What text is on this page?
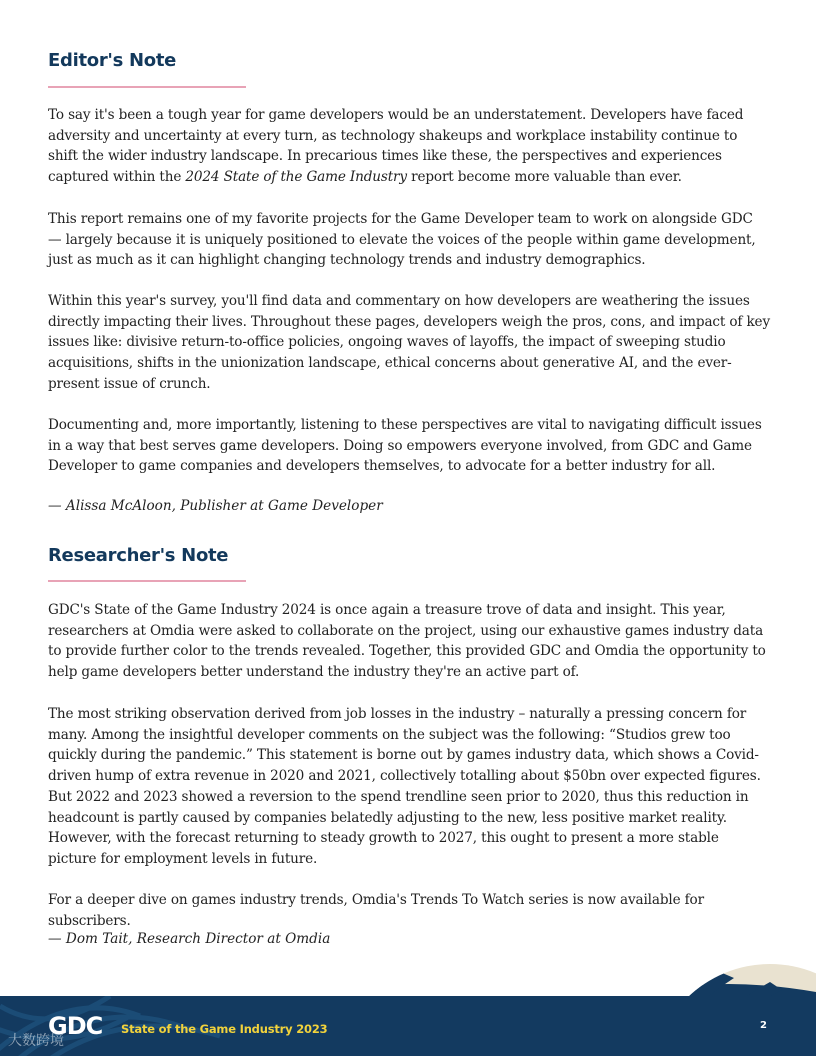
Editor's Note

To say it's been a tough year for game developers would be an understatement. Developers have faced adversity and uncertainty at every turn, as technology shakeups and workplace instability continue to shift the wider industry landscape. In precarious times like these, the perspectives and experiences captured within the 2024 State of the Game Industry report become more valuable than ever.

This report remains one of my favorite projects for the Game Developer team to work on alongside GDC — largely because it is uniquely positioned to elevate the voices of the people within game development, just as much as it can highlight changing technology trends and industry demographics.

Within this year's survey, you'll find data and commentary on how developers are weathering the issues directly impacting their lives. Throughout these pages, developers weigh the pros, cons, and impact of key issues like: divisive return-to-office policies, ongoing waves of layoffs, the impact of sweeping studio acquisitions, shifts in the unionization landscape, ethical concerns about generative AI, and the ever-present issue of crunch.

Documenting and, more importantly, listening to these perspectives are vital to navigating difficult issues in a way that best serves game developers. Doing so empowers everyone involved, from GDC and Game Developer to game companies and developers themselves, to advocate for a better industry for all.

— Alissa McAloon, Publisher at Game Developer

Researcher's Note

GDC's State of the Game Industry 2024 is once again a treasure trove of data and insight. This year, researchers at Omdia were asked to collaborate on the project, using our exhaustive games industry data to provide further color to the trends revealed. Together, this provided GDC and Omdia the opportunity to help game developers better understand the industry they're an active part of.

The most striking observation derived from job losses in the industry – naturally a pressing concern for many. Among the insightful developer comments on the subject was the following: “Studios grew too quickly during the pandemic.” This statement is borne out by games industry data, which shows a Covid-driven hump of extra revenue in 2020 and 2021, collectively totalling about $50bn over expected figures. But 2022 and 2023 showed a reversion to the spend trendline seen prior to 2020, thus this reduction in headcount is partly caused by companies belatedly adjusting to the new, less positive market reality. However, with the forecast returning to steady growth to 2027, this ought to present a more stable picture for employment levels in future.

For a deeper dive on games industry trends, Omdia's Trends To Watch series is now available for subscribers.

— Dom Tait, Research Director at Omdia

GDC State of the Game Industry 2023	2
大数跨境
